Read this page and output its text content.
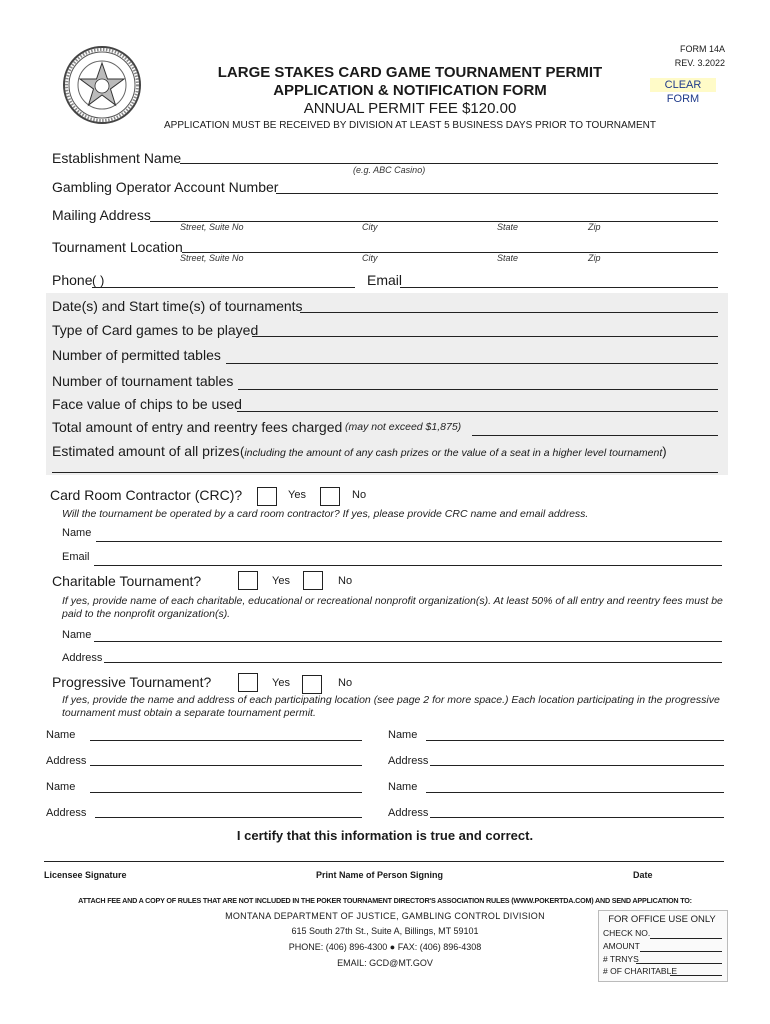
FORM 14A
REV. 3.2022
CLEAR FORM
LARGE STAKES CARD GAME TOURNAMENT PERMIT
APPLICATION & NOTIFICATION FORM
ANNUAL PERMIT FEE $120.00
APPLICATION MUST BE RECEIVED BY DIVISION AT LEAST 5 BUSINESS DAYS PRIOR TO TOURNAMENT
Establishment Name
(e.g. ABC Casino)
Gambling Operator Account Number
Mailing Address
Street, Suite No	City	State	Zip
Tournament Location
Street, Suite No	City	State	Zip
Phone ( )	Email
Date(s) and Start time(s) of tournaments
Type of Card games to be played
Number of permitted tables
Number of tournament tables
Face value of chips to be used
Total amount of entry and reentry fees charged (may not exceed $1,875)
Estimated amount of all prizes (including the amount of any cash prizes or the value of a seat in a higher level tournament)
Card Room Contractor (CRC)?	Yes	No
Will the tournament be operated by a card room contractor? If yes, please provide CRC name and email address.
Name
Email
Charitable Tournament?	Yes	No
If yes, provide name of each charitable, educational or recreational nonprofit organization(s). At least 50% of all entry and reentry fees must be paid to the nonprofit organization(s).
Name
Address
Progressive Tournament?	Yes	No
If yes, provide the name and address of each participating location (see page 2 for more space.) Each location participating in the progressive tournament must obtain a separate tournament permit.
Name	Name
Address	Address
Name	Name
Address	Address
I certify that this information is true and correct.
Licensee Signature	Print Name of Person Signing	Date
ATTACH FEE AND A COPY OF RULES THAT ARE NOT INCLUDED IN THE POKER TOURNAMENT DIRECTOR'S ASSOCIATION RULES (WWW.POKERTDA.COM) AND SEND APPLICATION TO:
MONTANA DEPARTMENT OF JUSTICE, GAMBLING CONTROL DIVISION
615 South 27th St., Suite A, Billings, MT 59101
PHONE: (406) 896-4300 ● FAX: (406) 896-4308
EMAIL: GCD@MT.GOV
FOR OFFICE USE ONLY
CHECK NO.
AMOUNT
# TRNYS
# OF CHARITABLE
